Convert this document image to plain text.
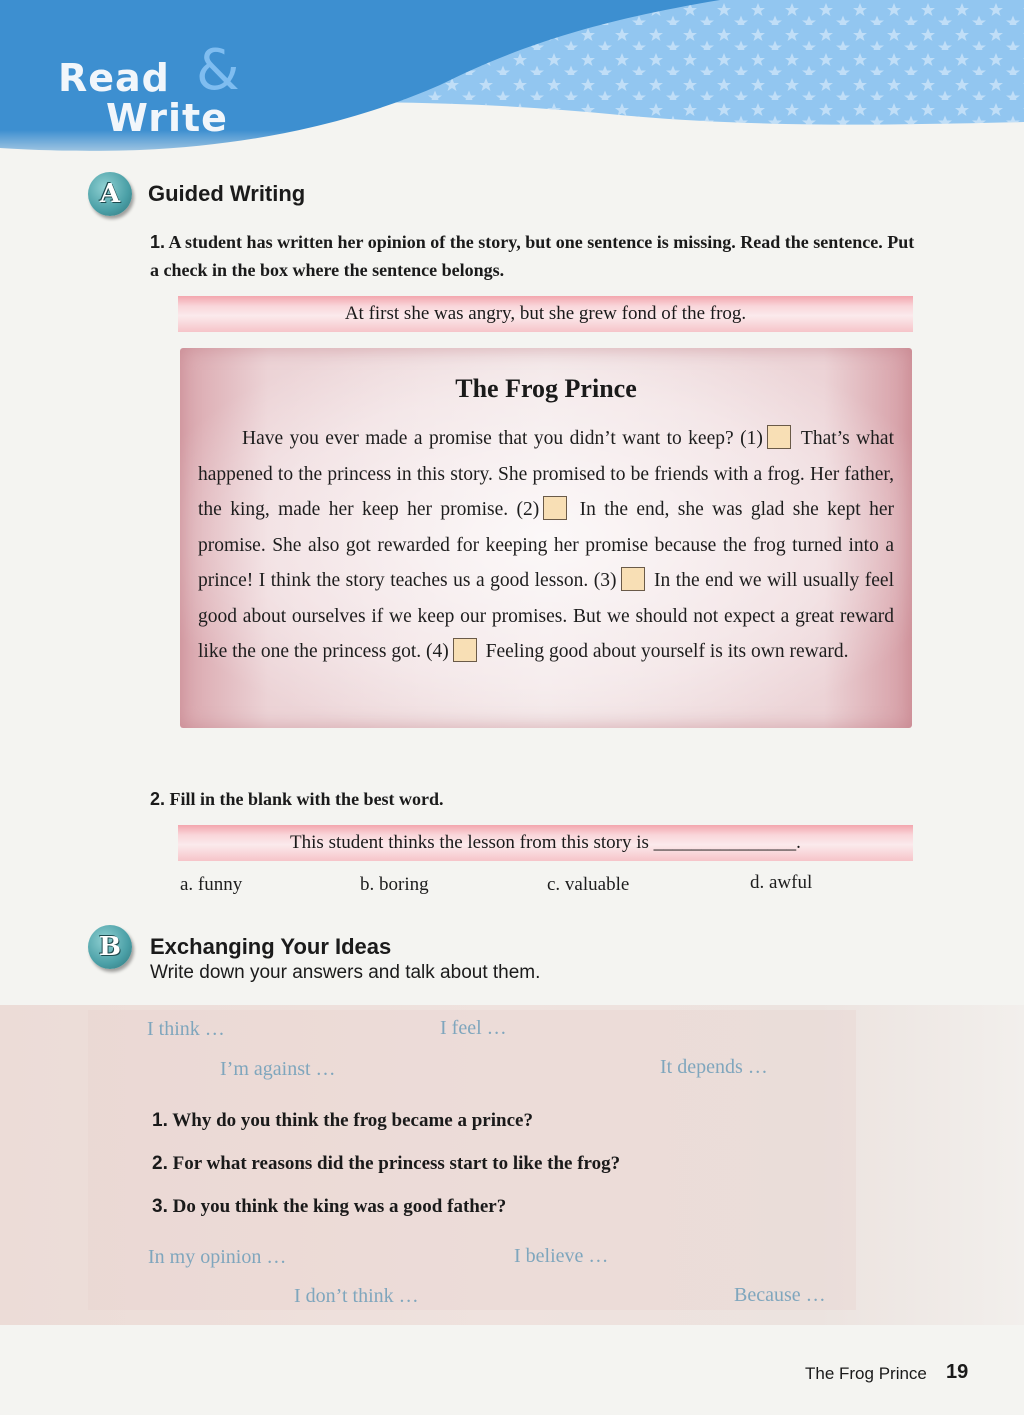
Read &
Write
A	Guided Writing
1. A student has written her opinion of the story, but one sentence is missing. Read the sentence. Put a check in the box where the sentence belongs.
At first she was angry, but she grew fond of the frog.
The Frog Prince
Have you ever made a promise that you didn’t want to keep? (1) That’s what happened to the princess in this story. She promised to be friends with a frog. Her father, the king, made her keep her promise. (2) In the end, she was glad she kept her promise. She also got rewarded for keeping her promise because the frog turned into a prince! I think the story teaches us a good lesson. (3) In the end we will usually feel good about ourselves if we keep our promises. But we should not expect a great reward like the one the princess got. (4) Feeling good about yourself is its own reward.
2. Fill in the blank with the best word.
This student thinks the lesson from this story is _______________.
a. funny	b. boring	c. valuable	d. awful
B	Exchanging Your Ideas
Write down your answers and talk about them.
I think …	I feel …
I’m against …	It depends …
1. Why do you think the frog became a prince?
2. For what reasons did the princess start to like the frog?
3. Do you think the king was a good father?
In my opinion …	I believe …
I don’t think …	Because …
The Frog Prince 19
